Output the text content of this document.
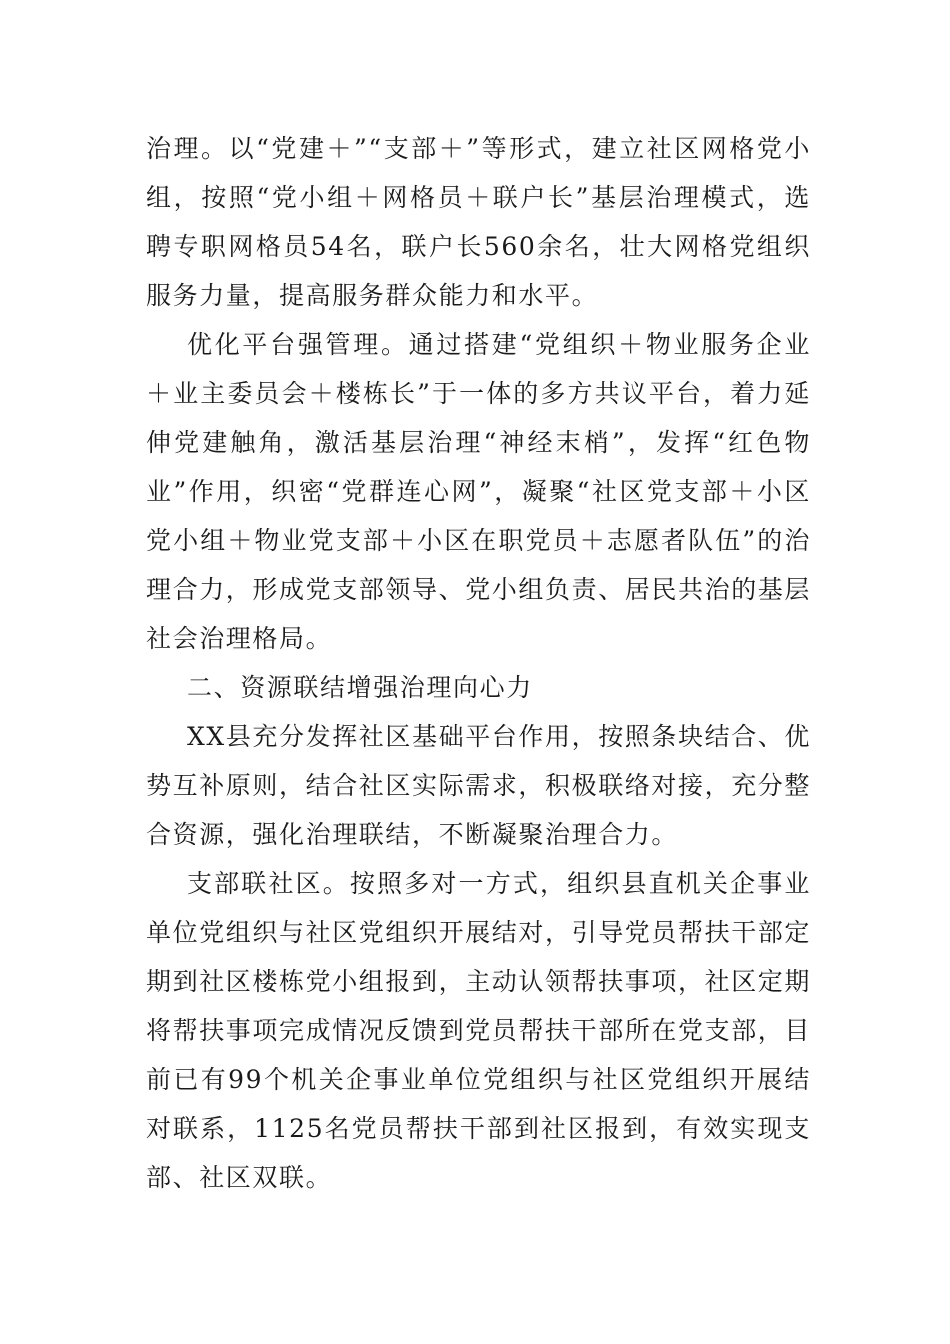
治理。以“党建＋”“支部＋”等形式，建立社区网格党小组，按照“党小组＋网格员＋联户长”基层治理模式，选聘专职网格员54名，联户长560余名，壮大网格党组织服务力量，提高服务群众能力和水平。

优化平台强管理。通过搭建“党组织＋物业服务企业＋业主委员会＋楼栋长”于一体的多方共议平台，着力延伸党建触角，激活基层治理“神经末梢”，发挥“红色物业”作用，织密“党群连心网”，凝聚“社区党支部＋小区党小组＋物业党支部＋小区在职党员＋志愿者队伍”的治理合力，形成党支部领导、党小组负责、居民共治的基层社会治理格局。

二、资源联结增强治理向心力

XX县充分发挥社区基础平台作用，按照条块结合、优势互补原则，结合社区实际需求，积极联络对接，充分整合资源，强化治理联结，不断凝聚治理合力。

支部联社区。按照多对一方式，组织县直机关企事业单位党组织与社区党组织开展结对，引导党员帮扶干部定期到社区楼栋党小组报到，主动认领帮扶事项，社区定期将帮扶事项完成情况反馈到党员帮扶干部所在党支部，目前已有99个机关企事业单位党组织与社区党组织开展结对联系，1125名党员帮扶干部到社区报到，有效实现支部、社区双联。
